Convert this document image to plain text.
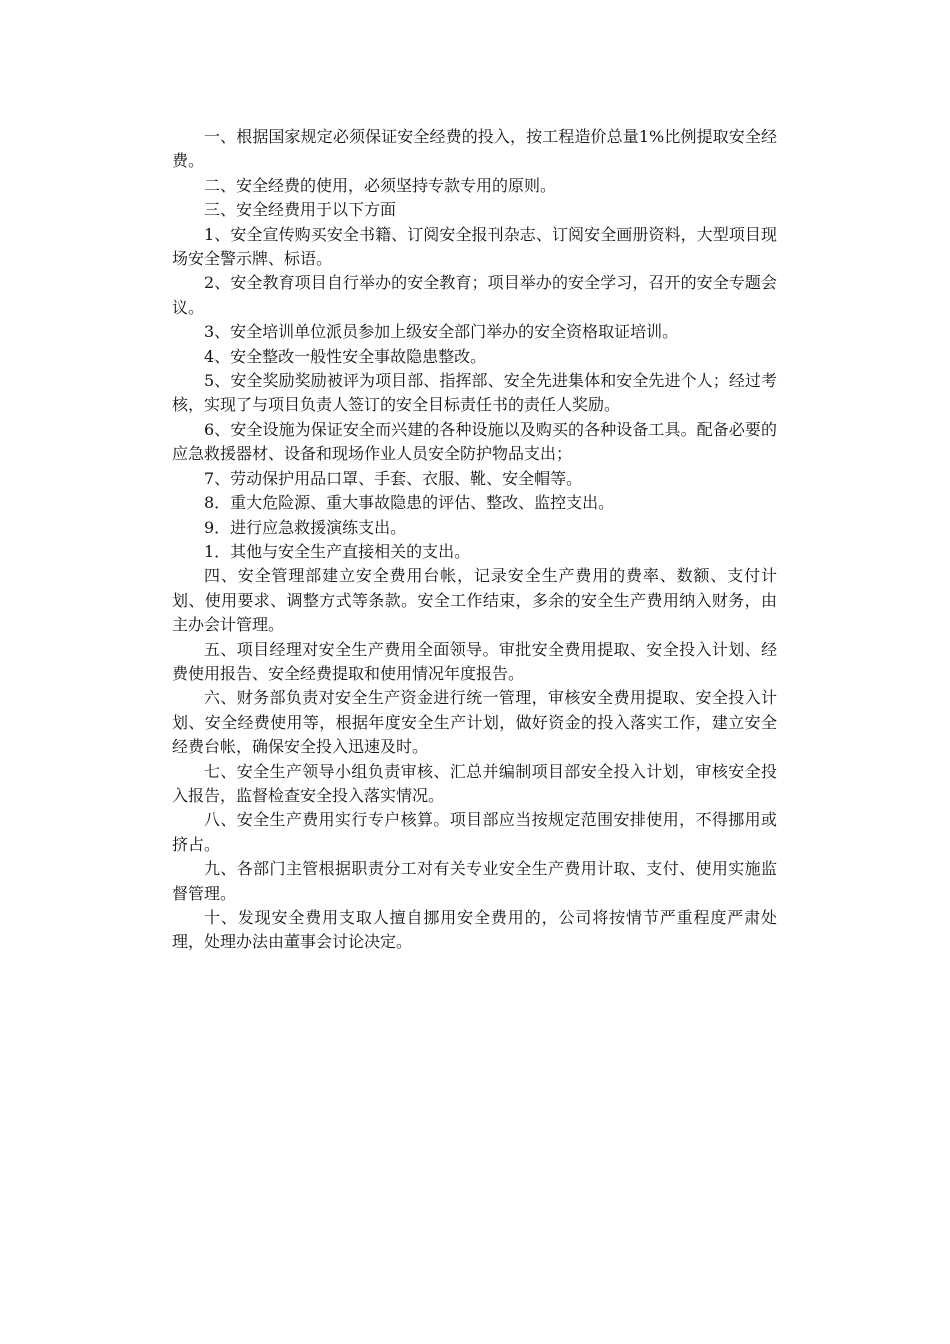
一、根据国家规定必须保证安全经费的投入，按工程造价总量1%比例提取安全经费。

二、安全经费的使用，必须坚持专款专用的原则。

三、安全经费用于以下方面

1、安全宣传购买安全书籍、订阅安全报刊杂志、订阅安全画册资料，大型项目现场安全警示牌、标语。

2、安全教育项目自行举办的安全教育；项目举办的安全学习，召开的安全专题会议。

3、安全培训单位派员参加上级安全部门举办的安全资格取证培训。

4、安全整改一般性安全事故隐患整改。

5、安全奖励奖励被评为项目部、指挥部、安全先进集体和安全先进个人；经过考核，实现了与项目负责人签订的安全目标责任书的责任人奖励。

6、安全设施为保证安全而兴建的各种设施以及购买的各种设备工具。配备必要的应急救援器材、设备和现场作业人员安全防护物品支出；

7、劳动保护用品口罩、手套、衣服、靴、安全帽等。

8．重大危险源、重大事故隐患的评估、整改、监控支出。

9．进行应急救援演练支出。

1．其他与安全生产直接相关的支出。

四、安全管理部建立安全费用台帐，记录安全生产费用的费率、数额、支付计划、使用要求、调整方式等条款。安全工作结束，多余的安全生产费用纳入财务，由主办会计管理。

五、项目经理对安全生产费用全面领导。审批安全费用提取、安全投入计划、经费使用报告、安全经费提取和使用情况年度报告。

六、财务部负责对安全生产资金进行统一管理，审核安全费用提取、安全投入计划、安全经费使用等，根据年度安全生产计划，做好资金的投入落实工作，建立安全经费台帐，确保安全投入迅速及时。

七、安全生产领导小组负责审核、汇总并编制项目部安全投入计划，审核安全投入报告，监督检查安全投入落实情况。

八、安全生产费用实行专户核算。项目部应当按规定范围安排使用，不得挪用或挤占。

九、各部门主管根据职责分工对有关专业安全生产费用计取、支付、使用实施监督管理。

十、发现安全费用支取人擅自挪用安全费用的，公司将按情节严重程度严肃处理，处理办法由董事会讨论决定。
